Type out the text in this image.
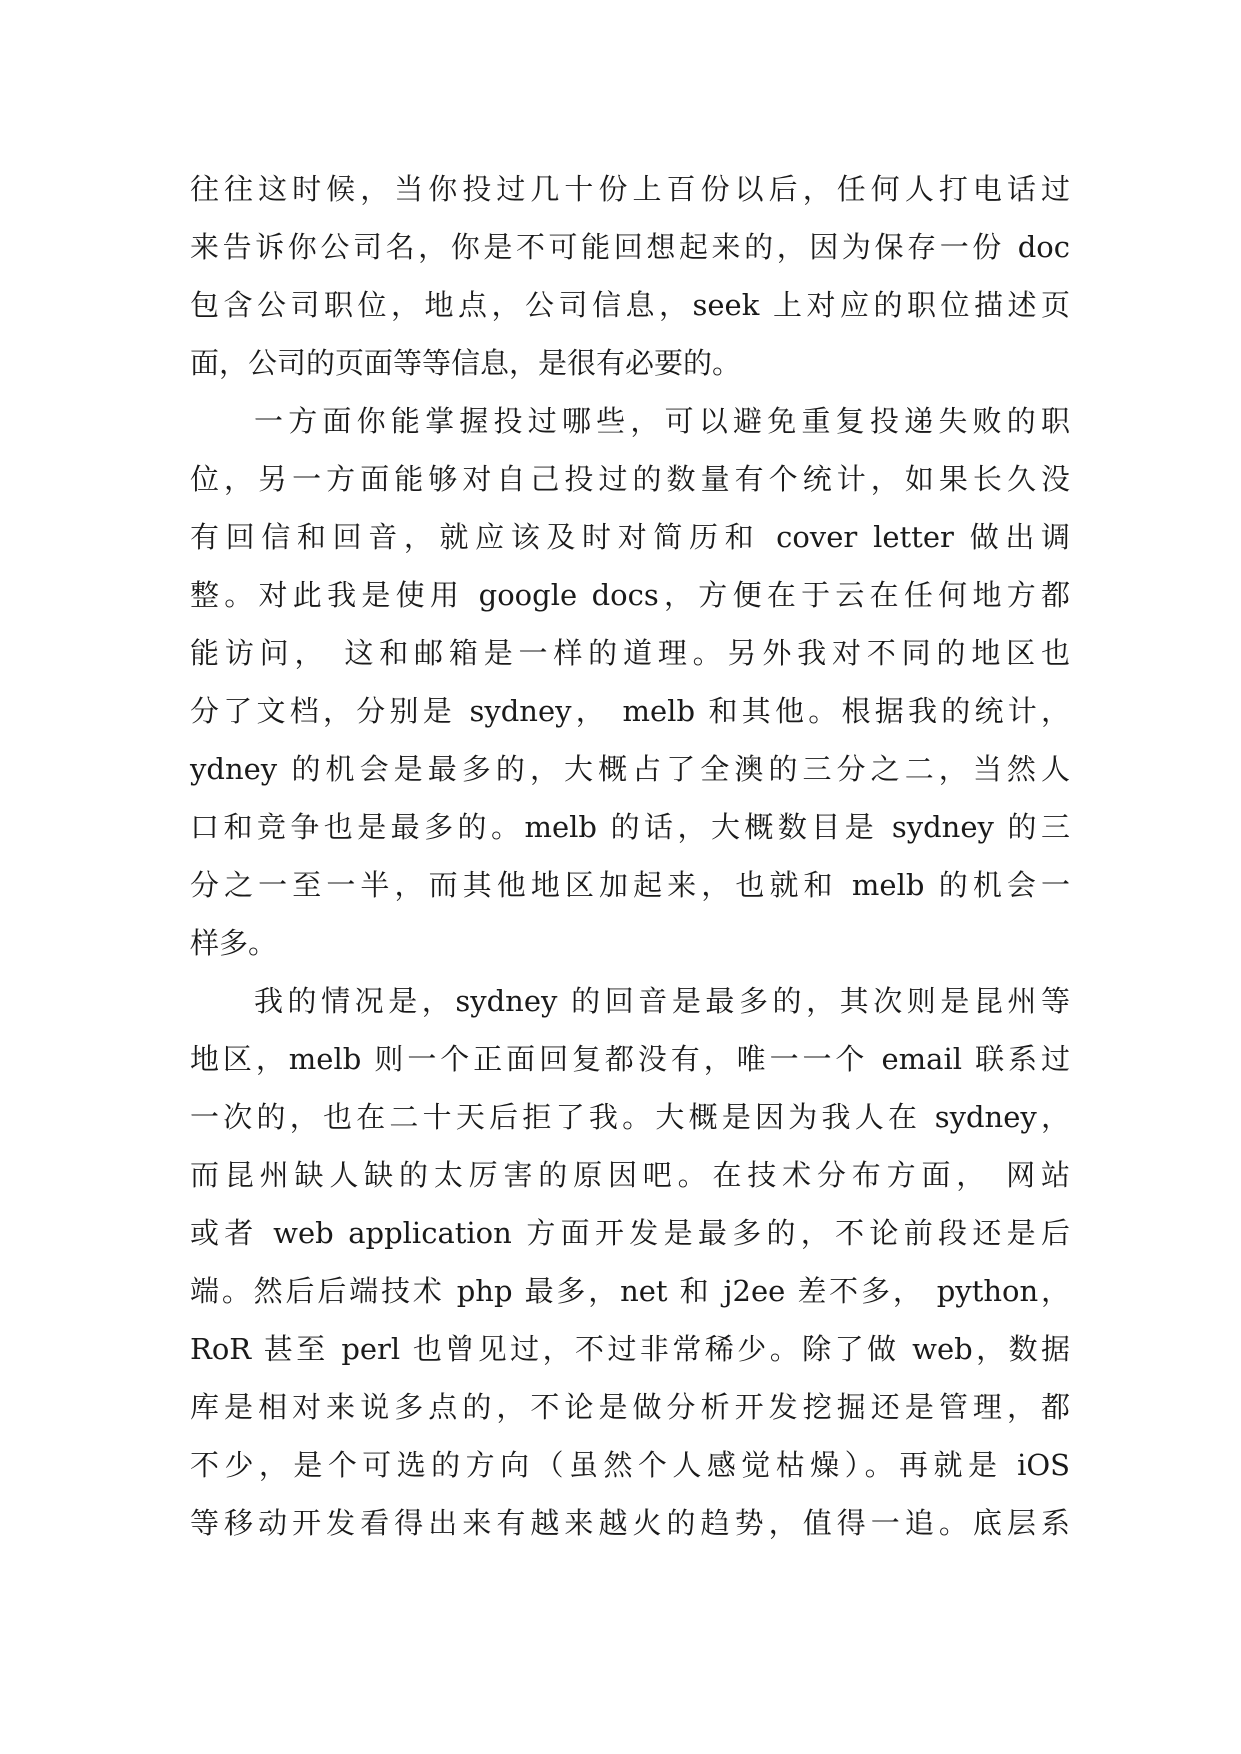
往往这时候，当你投过几十份上百份以后，任何人打电话过
来告诉你公司名，你是不可能回想起来的，因为保存一份 doc
包含公司职位，地点，公司信息，seek 上对应的职位描述页
面，公司的页面等等信息，是很有必要的。
一方面你能掌握投过哪些，可以避免重复投递失败的职
位，另一方面能够对自己投过的数量有个统计，如果长久没
有回信和回音，就应该及时对简历和 cover letter 做出调
整。对此我是使用 google docs，方便在于云在任何地方都
能访问， 这和邮箱是一样的道理。另外我对不同的地区也
分了文档，分别是 sydney， melb 和其他。根据我的统计，
ydney 的机会是最多的，大概占了全澳的三分之二，当然人
口和竞争也是最多的。melb 的话，大概数目是 sydney 的三
分之一至一半，而其他地区加起来，也就和 melb 的机会一
样多。
我的情况是，sydney 的回音是最多的，其次则是昆州等
地区，melb 则一个正面回复都没有，唯一一个 email 联系过
一次的，也在二十天后拒了我。大概是因为我人在 sydney，
而昆州缺人缺的太厉害的原因吧。在技术分布方面， 网站
或者 web application 方面开发是最多的，不论前段还是后
端。然后后端技术 php 最多，net 和 j2ee 差不多， python，
RoR 甚至 perl 也曾见过，不过非常稀少。除了做 web，数据
库是相对来说多点的，不论是做分析开发挖掘还是管理，都
不少，是个可选的方向（虽然个人感觉枯燥）。再就是 iOS
等移动开发看得出来有越来越火的趋势，值得一追。底层系
